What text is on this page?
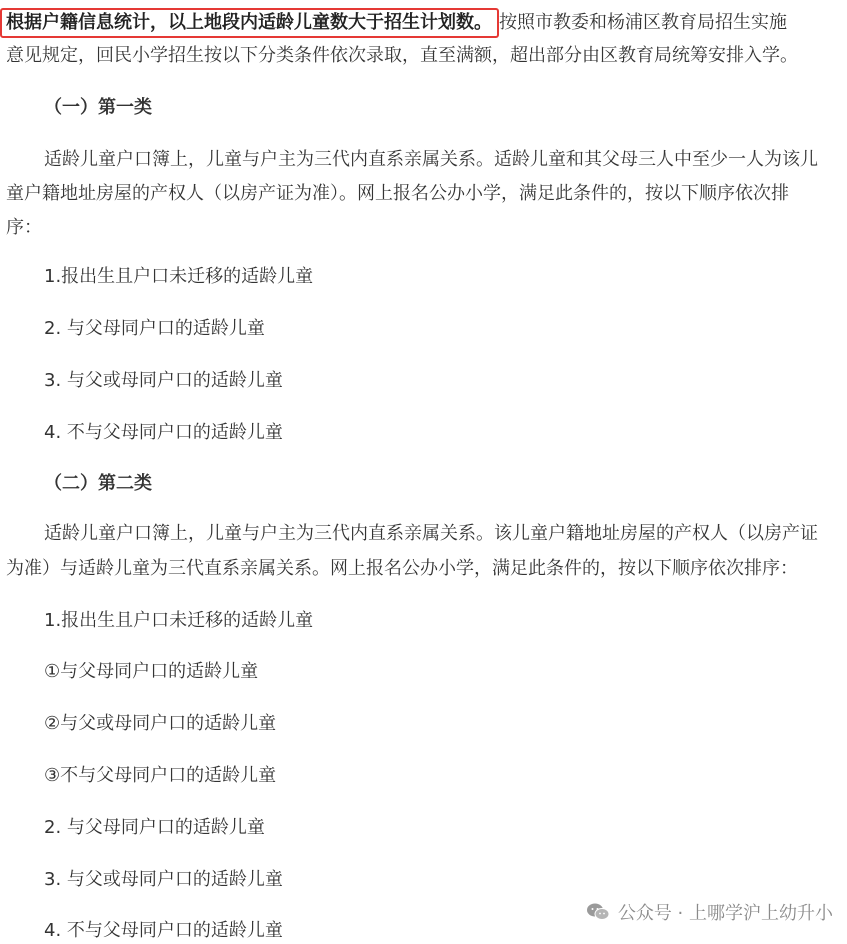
根据户籍信息统计，以上地段内适龄儿童数大于招生计划数。 按照市教委和杨浦区教育局招生实施
意见规定，回民小学招生按以下分类条件依次录取，直至满额，超出部分由区教育局统筹安排入学。
（一）第一类
适龄儿童户口簿上，儿童与户主为三代内直系亲属关系。适龄儿童和其父母三人中至少一人为该儿
童户籍地址房屋的产权人（以房产证为准）。网上报名公办小学，满足此条件的，按以下顺序依次排
序：
1.报出生且户口未迁移的适龄儿童
2. 与父母同户口的适龄儿童
3. 与父或母同户口的适龄儿童
4. 不与父母同户口的适龄儿童
（二）第二类
适龄儿童户口簿上，儿童与户主为三代内直系亲属关系。该儿童户籍地址房屋的产权人（以房产证
为准）与适龄儿童为三代直系亲属关系。网上报名公办小学，满足此条件的，按以下顺序依次排序：
1.报出生且户口未迁移的适龄儿童
①与父母同户口的适龄儿童
②与父或母同户口的适龄儿童
③不与父母同户口的适龄儿童
2. 与父母同户口的适龄儿童
3. 与父或母同户口的适龄儿童
4. 不与父母同户口的适龄儿童
公众号 · 上哪学沪上幼升小
